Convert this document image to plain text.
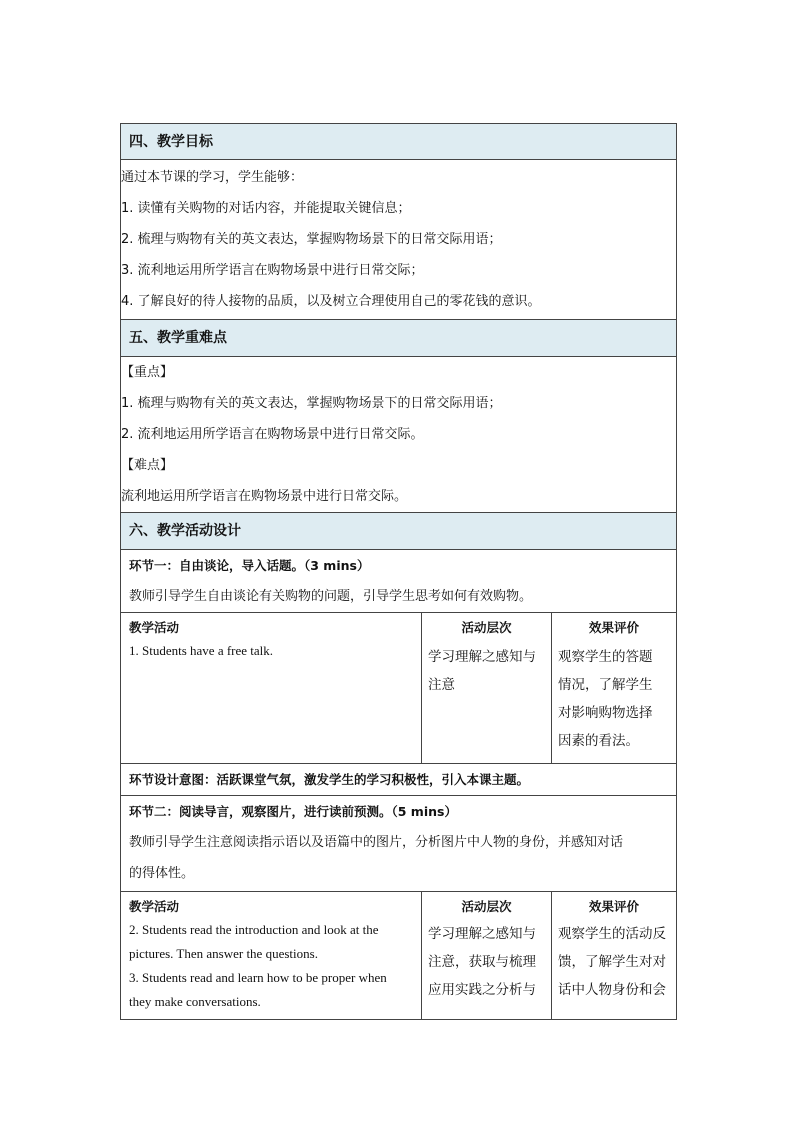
四、教学目标
通过本节课的学习，学生能够：
1. 读懂有关购物的对话内容，并能提取关键信息；
2. 梳理与购物有关的英文表达，掌握购物场景下的日常交际用语；
3. 流利地运用所学语言在购物场景中进行日常交际；
4. 了解良好的待人接物的品质，以及树立合理使用自己的零花钱的意识。
五、教学重难点
【重点】
1. 梳理与购物有关的英文表达，掌握购物场景下的日常交际用语；
2. 流利地运用所学语言在购物场景中进行日常交际。
【难点】
流利地运用所学语言在购物场景中进行日常交际。
六、教学活动设计
环节一：自由谈论，导入话题。（3 mins）
教师引导学生自由谈论有关购物的问题，引导学生思考如何有效购物。
教学活动
1. Students have a free talk.
活动层次
学习理解之感知与
注意
效果评价
观察学生的答题
情况，了解学生
对影响购物选择
因素的看法。
环节设计意图：活跃课堂气氛，激发学生的学习积极性，引入本课主题。
环节二：阅读导言，观察图片，进行读前预测。（5 mins）
教师引导学生注意阅读指示语以及语篇中的图片，分析图片中人物的身份，并感知对话
的得体性。
教学活动
2. Students read the introduction and look at the
pictures. Then answer the questions.
3. Students read and learn how to be proper when
they make conversations.
活动层次
学习理解之感知与
注意，获取与梳理
应用实践之分析与
效果评价
观察学生的活动反
馈，了解学生对对
话中人物身份和会
